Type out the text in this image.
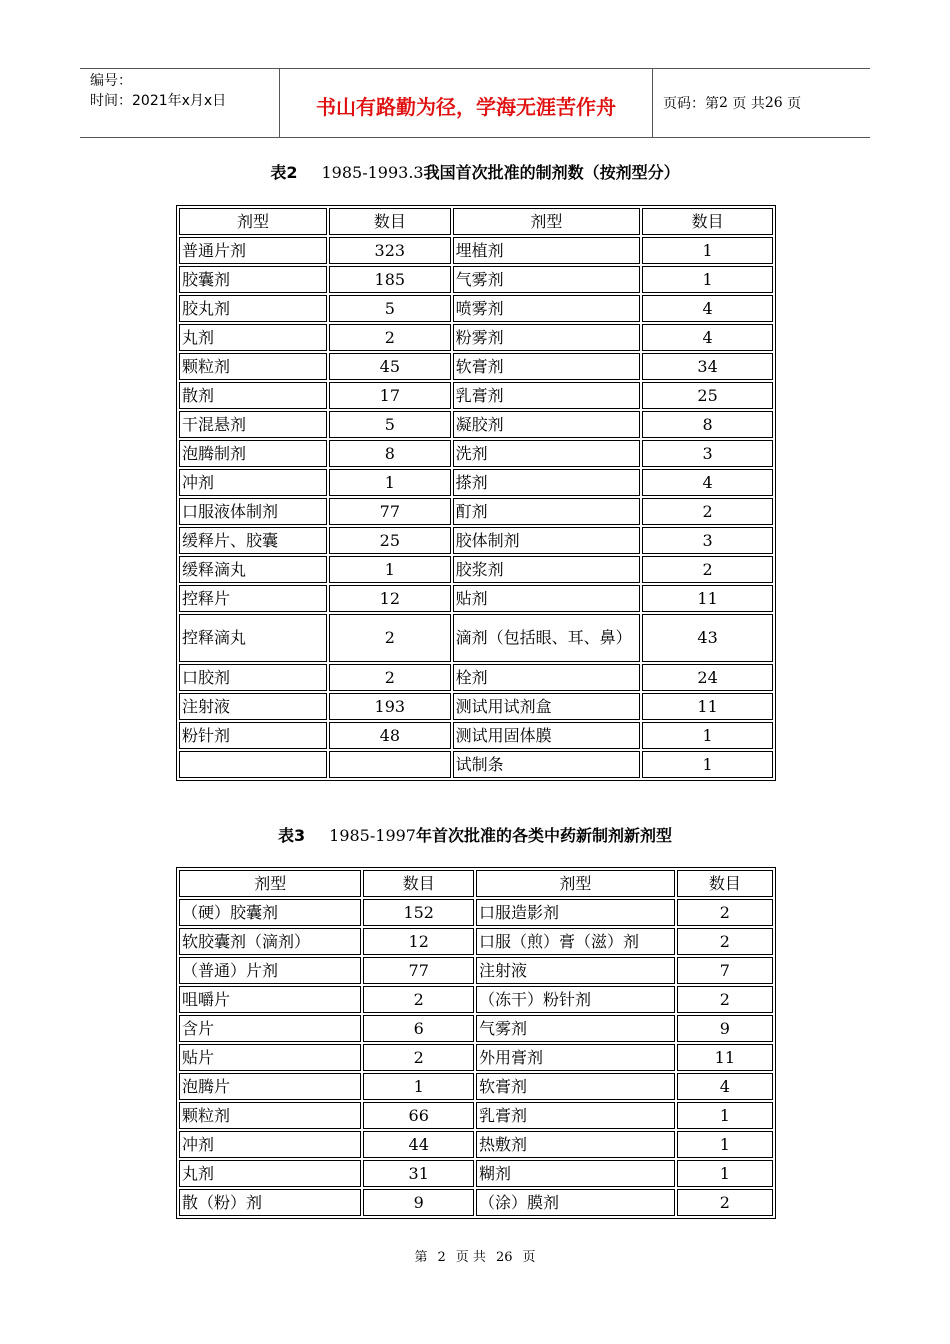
编号：
时间：2021年x月x日	书山有路勤为径，学海无涯苦作舟	页码：第 2
页 共 26
页
表2 1985-1993.3我国首次批准的制剂数（按剂型分）
剂型	数目	剂型	数目
普通片剂	323	埋植剂	1
胶囊剂	185	气雾剂	1
胶丸剂	5	喷雾剂	4
丸剂	2	粉雾剂	4
颗粒剂	45	软膏剂	34
散剂	17	乳膏剂	25
干混悬剂	5	凝胶剂	8
泡腾制剂	8	洗剂	3
冲剂	1	搽剂	4
口服液体制剂	77	酊剂	2
缓释片、胶囊	25	胶体制剂	3
缓释滴丸	1	胶浆剂	2
控释片	12	贴剂	11
控释滴丸	2	滴剂（包括眼、耳、鼻）	43
口胶剂	2	栓剂	24
注射液	193	测试用试剂盒	11
粉针剂	48	测试用固体膜	1
		试制条	1
表3 1985-1997年首次批准的各类中药新制剂新剂型
剂型	数目	剂型	数目
（硬）胶囊剂	152	口服造影剂	2
软胶囊剂（滴剂）	12	口服（煎）膏（滋）剂	2
（普通）片剂	77	注射液	7
咀嚼片	2	（冻干）粉针剂	2
含片	6	气雾剂	9
贴片	2	外用膏剂	11
泡腾片	1	软膏剂	4
颗粒剂	66	乳膏剂	1
冲剂	44	热敷剂	1
丸剂	31	糊剂	1
散（粉）剂	9	（涂）膜剂	2
第 2 页 共 26 页
